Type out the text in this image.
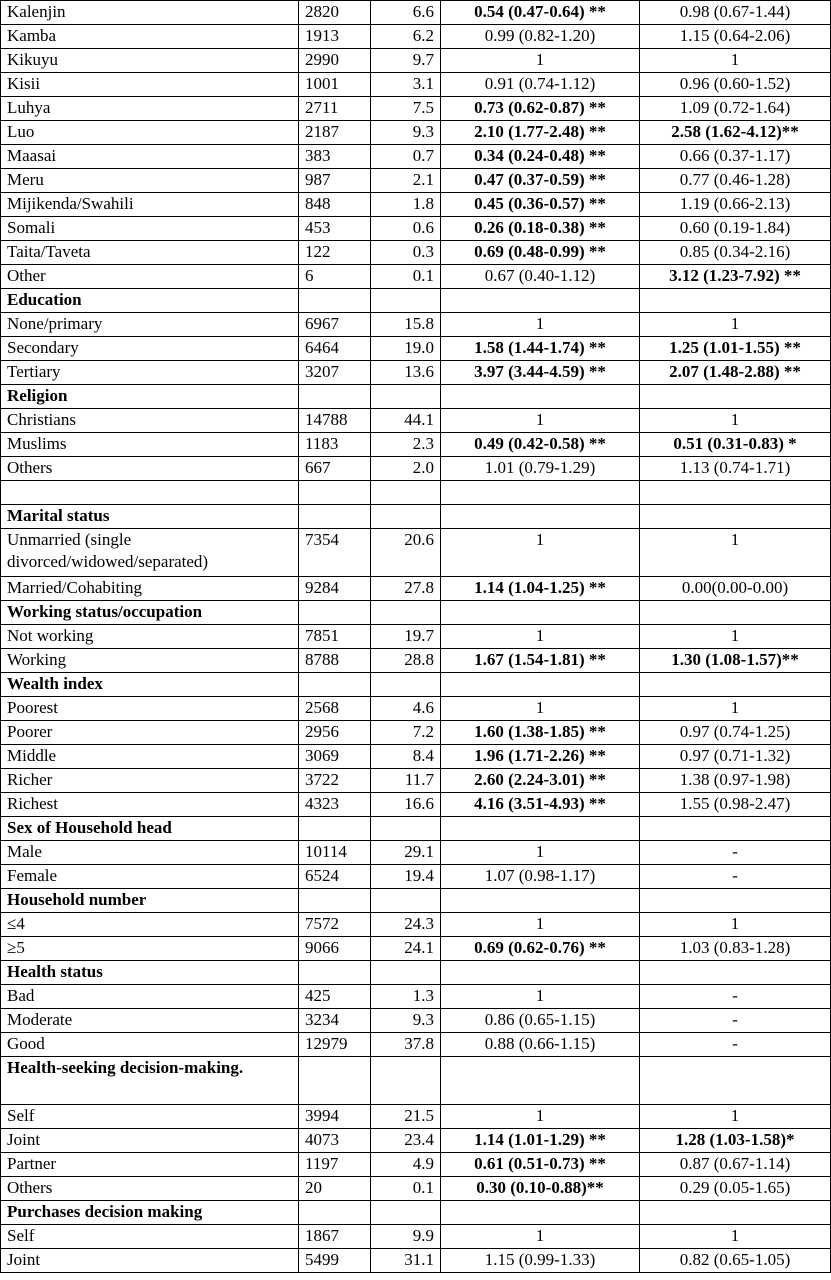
Kalenjin	2820	6.6	0.54 (0.47-0.64) **	0.98 (0.67-1.44)
Kamba	1913	6.2	0.99 (0.82-1.20)	1.15 (0.64-2.06)
Kikuyu	2990	9.7	1	1
Kisii	1001	3.1	0.91 (0.74-1.12)	0.96 (0.60-1.52)
Luhya	2711	7.5	0.73 (0.62-0.87) **	1.09 (0.72-1.64)
Luo	2187	9.3	2.10 (1.77-2.48) **	2.58 (1.62-4.12)**
Maasai	383	0.7	0.34 (0.24-0.48) **	0.66 (0.37-1.17)
Meru	987	2.1	0.47 (0.37-0.59) **	0.77 (0.46-1.28)
Mijikenda/Swahili	848	1.8	0.45 (0.36-0.57) **	1.19 (0.66-2.13)
Somali	453	0.6	0.26 (0.18-0.38) **	0.60 (0.19-1.84)
Taita/Taveta	122	0.3	0.69 (0.48-0.99) **	0.85 (0.34-2.16)
Other	6	0.1	0.67 (0.40-1.12)	3.12 (1.23-7.92) **
Education				
None/primary	6967	15.8	1	1
Secondary	6464	19.0	1.58 (1.44-1.74) **	1.25 (1.01-1.55) **
Tertiary	3207	13.6	3.97 (3.44-4.59) **	2.07 (1.48-2.88) **
Religion				
Christians	14788	44.1	1	1
Muslims	1183	2.3	0.49 (0.42-0.58) **	0.51 (0.31-0.83) *
Others	667	2.0	1.01 (0.79-1.29)	1.13 (0.74-1.71)

Marital status				
Unmarried (single divorced/widowed/separated)	7354	20.6	1	1
Married/Cohabiting	9284	27.8	1.14 (1.04-1.25) **	0.00(0.00-0.00)
Working status/occupation				
Not working	7851	19.7	1	1
Working	8788	28.8	1.67 (1.54-1.81) **	1.30 (1.08-1.57)**
Wealth index				
Poorest	2568	4.6	1	1
Poorer	2956	7.2	1.60 (1.38-1.85) **	0.97 (0.74-1.25)
Middle	3069	8.4	1.96 (1.71-2.26) **	0.97 (0.71-1.32)
Richer	3722	11.7	2.60 (2.24-3.01) **	1.38 (0.97-1.98)
Richest	4323	16.6	4.16 (3.51-4.93) **	1.55 (0.98-2.47)
Sex of Household head				
Male	10114	29.1	1	-
Female	6524	19.4	1.07 (0.98-1.17)	-
Household number				
≤4	7572	24.3	1	1
≥5	9066	24.1	0.69 (0.62-0.76) **	1.03 (0.83-1.28)
Health status				
Bad	425	1.3	1	-
Moderate	3234	9.3	0.86 (0.65-1.15)	-
Good	12979	37.8	0.88 (0.66-1.15)	-
Health-seeking decision-making.				
Self	3994	21.5	1	1
Joint	4073	23.4	1.14 (1.01-1.29) **	1.28 (1.03-1.58)*
Partner	1197	4.9	0.61 (0.51-0.73) **	0.87 (0.67-1.14)
Others	20	0.1	0.30 (0.10-0.88)**	0.29 (0.05-1.65)
Purchases decision making				
Self	1867	9.9	1	1
Joint	5499	31.1	1.15 (0.99-1.33)	0.82 (0.65-1.05)
